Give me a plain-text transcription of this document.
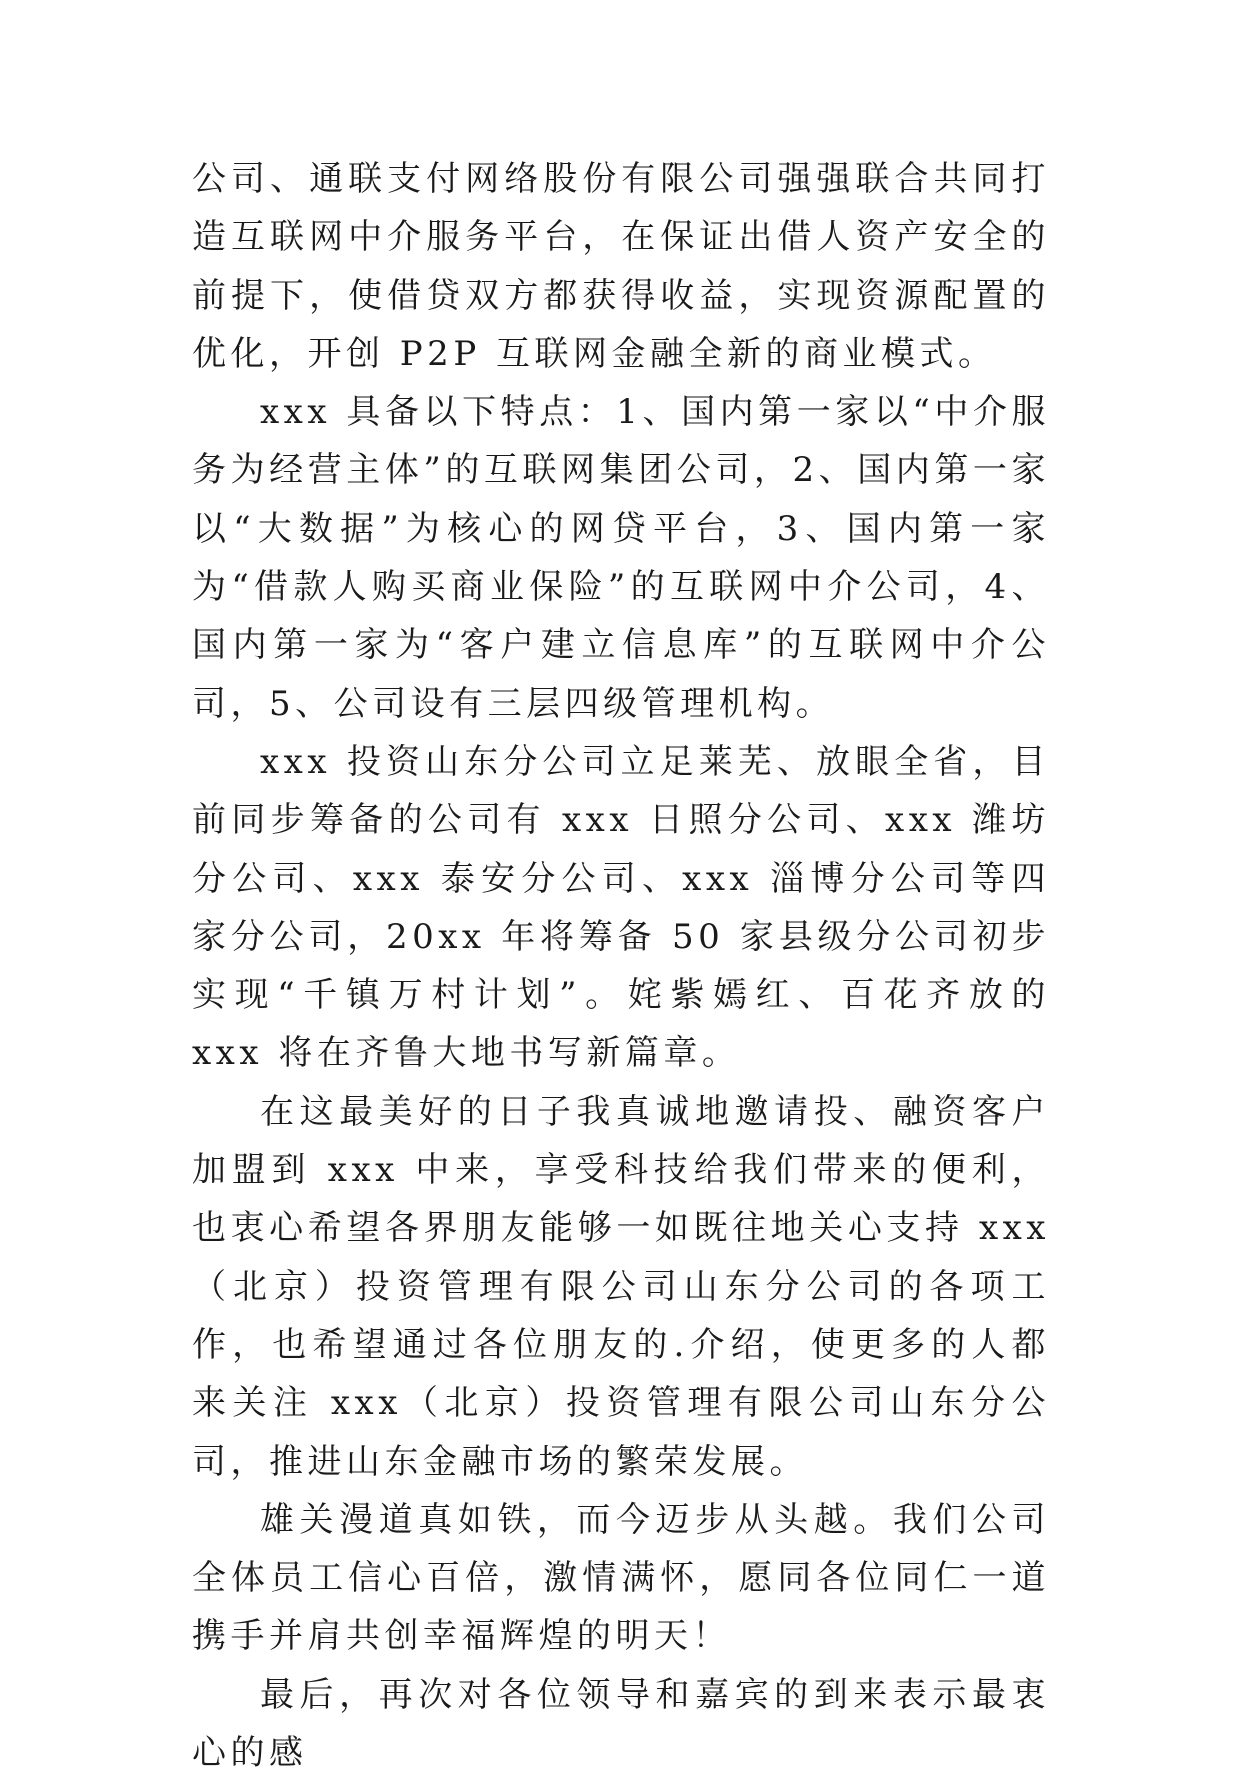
公司、通联支付网络股份有限公司强强联合共同打造互联网中介服务平台，在保证出借人资产安全的前提下，使借贷双方都获得收益，实现资源配置的优化，开创 P2P 互联网金融全新的商业模式。

xxx 具备以下特点：1、国内第一家以“中介服务为经营主体”的互联网集团公司，2、国内第一家以“大数据”为核心的网贷平台，3、国内第一家为“借款人购买商业保险”的互联网中介公司，4、国内第一家为“客户建立信息库”的互联网中介公司，5、公司设有三层四级管理机构。

xxx 投资山东分公司立足莱芜、放眼全省，目前同步筹备的公司有 xxx 日照分公司、xxx 潍坊分公司、xxx 泰安分公司、xxx 淄博分公司等四家分公司，20xx 年将筹备 50 家县级分公司初步实现“千镇万村计划”。姹紫嫣红、百花齐放的 xxx 将在齐鲁大地书写新篇章。

在这最美好的日子我真诚地邀请投、融资客户加盟到 xxx 中来，享受科技给我们带来的便利，也衷心希望各界朋友能够一如既往地关心支持 xxx（北京）投资管理有限公司山东分公司的各项工作，也希望通过各位朋友的.介绍，使更多的人都来关注 xxx（北京）投资管理有限公司山东分公司，推进山东金融市场的繁荣发展。

雄关漫道真如铁，而今迈步从头越。我们公司全体员工信心百倍，激情满怀，愿同各位同仁一道携手并肩共创幸福辉煌的明天！

最后，再次对各位领导和嘉宾的到来表示最衷心的感
